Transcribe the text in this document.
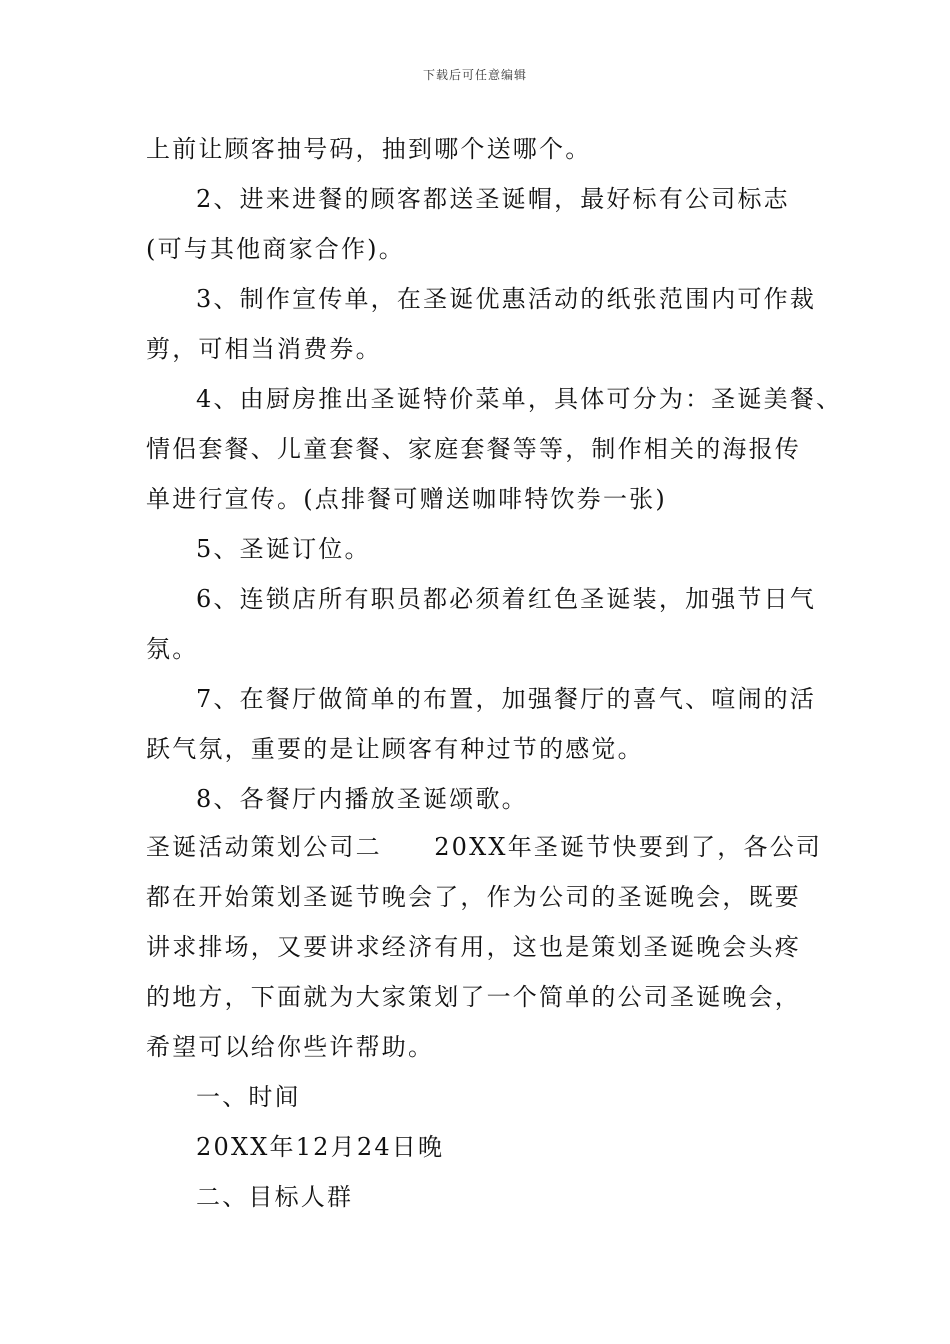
下载后可任意编辑
上前让顾客抽号码，抽到哪个送哪个。
2、进来进餐的顾客都送圣诞帽，最好标有公司标志
(可与其他商家合作)。
3、制作宣传单，在圣诞优惠活动的纸张范围内可作裁
剪，可相当消费券。
4、由厨房推出圣诞特价菜单，具体可分为：圣诞美餐、
情侣套餐、儿童套餐、家庭套餐等等，制作相关的海报传
单进行宣传。(点排餐可赠送咖啡特饮券一张)
5、圣诞订位。
6、连锁店所有职员都必须着红色圣诞装，加强节日气
氛。
7、在餐厅做简单的布置，加强餐厅的喜气、喧闹的活
跃气氛，重要的是让顾客有种过节的感觉。
8、各餐厅内播放圣诞颂歌。
圣诞活动策划公司二　　20XX年圣诞节快要到了，各公司
都在开始策划圣诞节晚会了，作为公司的圣诞晚会，既要
讲求排场，又要讲求经济有用，这也是策划圣诞晚会头疼
的地方，下面就为大家策划了一个简单的公司圣诞晚会，
希望可以给你些许帮助。
一、时间
20XX年12月24日晚
二、目标人群
